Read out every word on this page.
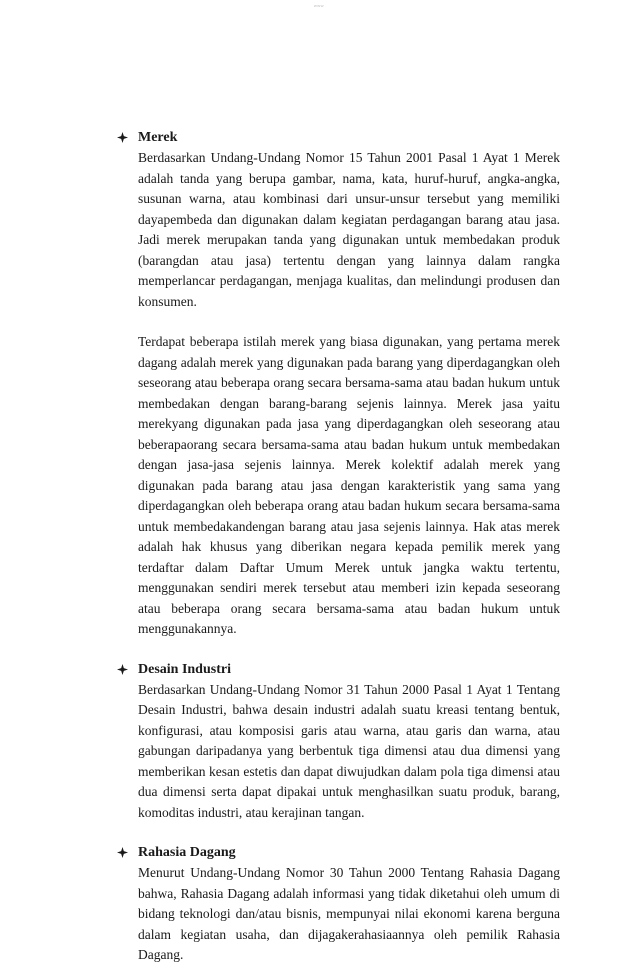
www
Merek

Berdasarkan Undang-Undang Nomor 15 Tahun 2001 Pasal 1 Ayat 1 Merek adalah tanda yang berupa gambar, nama, kata, huruf-huruf, angka-angka, susunan warna, atau kombinasi dari unsur-unsur tersebut yang memiliki dayapembeda dan digunakan dalam kegiatan perdagangan barang atau jasa. Jadi merek merupakan tanda yang digunakan untuk membedakan produk (barangdan atau jasa) tertentu dengan yang lainnya dalam rangka memperlancar perdagangan, menjaga kualitas, dan melindungi produsen dan konsumen.

Terdapat beberapa istilah merek yang biasa digunakan, yang pertama merek dagang adalah merek yang digunakan pada barang yang diperdagangkan oleh seseorang atau beberapa orang secara bersama-sama atau badan hukum untuk membedakan dengan barang-barang sejenis lainnya. Merek jasa yaitu merekyang digunakan pada jasa yang diperdagangkan oleh seseorang atau beberapaorang secara bersama-sama atau badan hukum untuk membedakan dengan jasa-jasa sejenis lainnya. Merek kolektif adalah merek yang digunakan pada barang atau jasa dengan karakteristik yang sama yang diperdagangkan oleh beberapa orang atau badan hukum secara bersama-sama untuk membedakandengan barang atau jasa sejenis lainnya. Hak atas merek adalah hak khusus yang diberikan negara kepada pemilik merek yang terdaftar dalam Daftar Umum Merek untuk jangka waktu tertentu, menggunakan sendiri merek tersebut atau memberi izin kepada seseorang atau beberapa orang secara bersama-sama atau badan hukum untuk menggunakannya.

Desain Industri

Berdasarkan Undang-Undang Nomor 31 Tahun 2000 Pasal 1 Ayat 1 Tentang Desain Industri, bahwa desain industri adalah suatu kreasi tentang bentuk, konfigurasi, atau komposisi garis atau warna, atau garis dan warna, atau gabungan daripadanya yang berbentuk tiga dimensi atau dua dimensi yang memberikan kesan estetis dan dapat diwujudkan dalam pola tiga dimensi atau dua dimensi serta dapat dipakai untuk menghasilkan suatu produk, barang, komoditas industri, atau kerajinan tangan.

Rahasia Dagang

Menurut Undang-Undang Nomor 30 Tahun 2000 Tentang Rahasia Dagang bahwa, Rahasia Dagang adalah informasi yang tidak diketahui oleh umum di bidang teknologi dan/atau bisnis, mempunyai nilai ekonomi karena berguna dalam kegiatan usaha, dan dijagakerahasiaannya oleh pemilik Rahasia Dagang.
